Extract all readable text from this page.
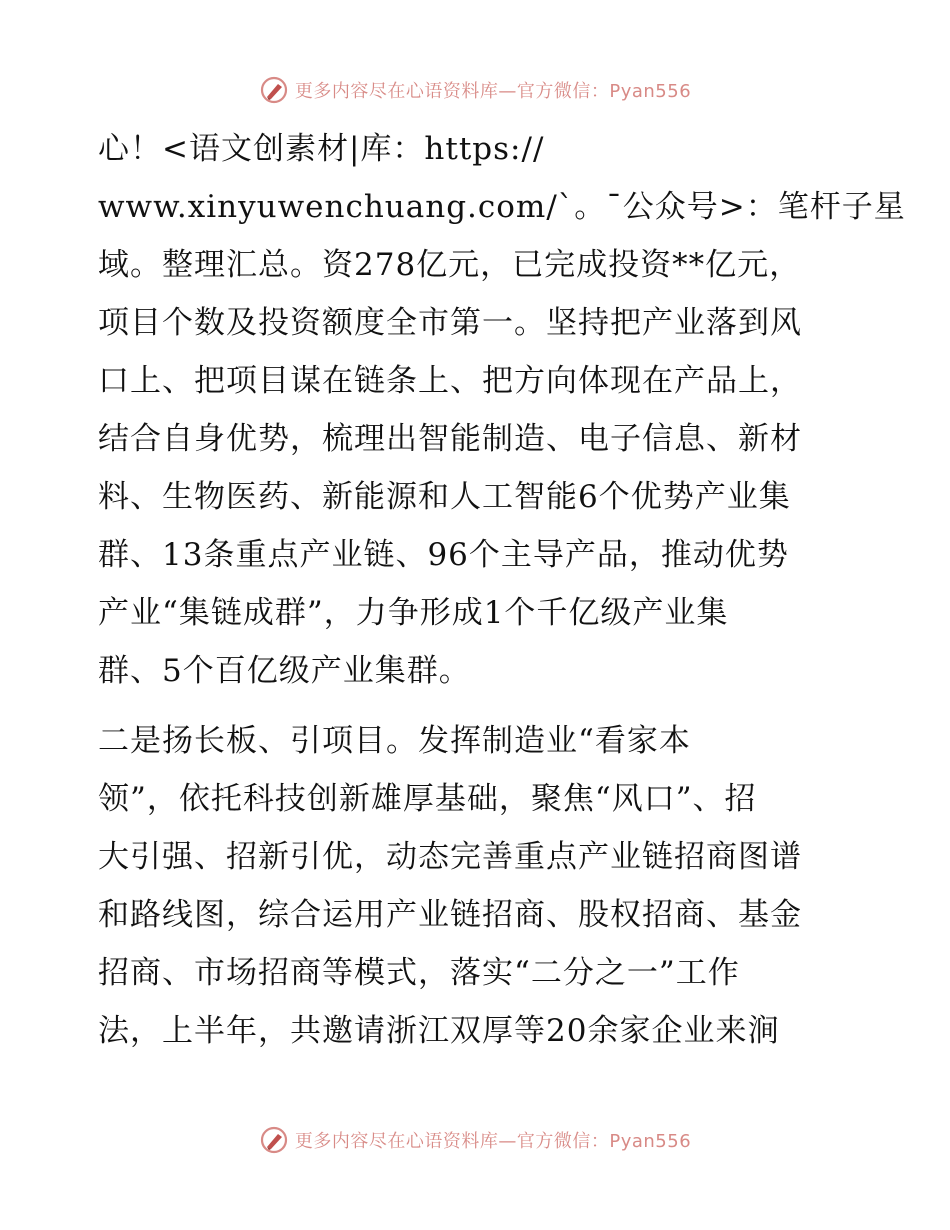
更多内容尽在心语资料库—官方微信：Pyan556
心！<语文创素材|库：https://
www.xinyuwenchuang.com/`。¯公众号>：笔杆子星
域。整理汇总。资278亿元，已完成投资**亿元，
项目个数及投资额度全市第一。坚持把产业落到风
口上、把项目谋在链条上、把方向体现在产品上，
结合自身优势，梳理出智能制造、电子信息、新材
料、生物医药、新能源和人工智能6个优势产业集
群、13条重点产业链、96个主导产品，推动优势
产业“集链成群”，力争形成1个千亿级产业集
群、5个百亿级产业集群。
二是扬长板、引项目。发挥制造业“看家本
领”，依托科技创新雄厚基础，聚焦“风口”、招
大引强、招新引优，动态完善重点产业链招商图谱
和路线图，综合运用产业链招商、股权招商、基金
招商、市场招商等模式，落实“二分之一”工作
法，上半年，共邀请浙江双厚等20余家企业来涧
更多内容尽在心语资料库—官方微信：Pyan556
